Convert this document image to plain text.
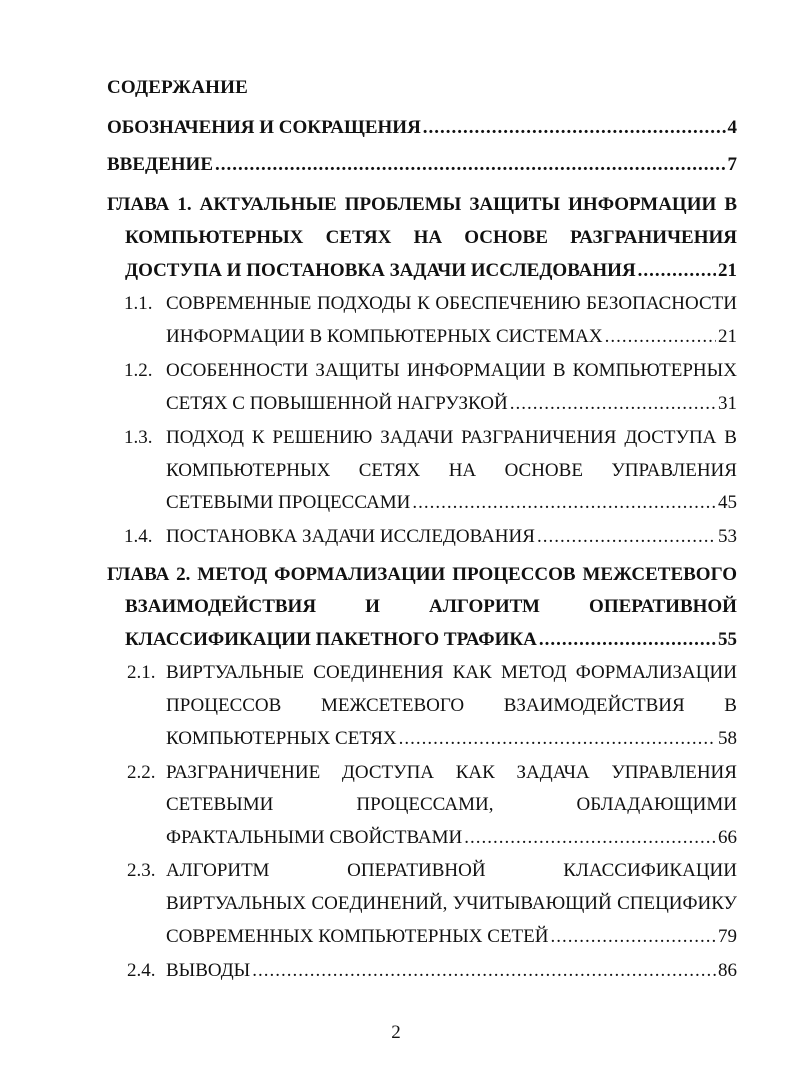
СОДЕРЖАНИЕ
ОБОЗНАЧЕНИЯ И СОКРАЩЕНИЯ .....	4
ВВЕДЕНИЕ .....	7
ГЛАВА 1. АКТУАЛЬНЫЕ ПРОБЛЕМЫ ЗАЩИТЫ ИНФОРМАЦИИ В
КОМПЬЮТЕРНЫХ СЕТЯХ НА ОСНОВЕ РАЗГРАНИЧЕНИЯ
ДОСТУПА И ПОСТАНОВКА ЗАДАЧИ ИССЛЕДОВАНИЯ .....	21
1.1. СОВРЕМЕННЫЕ ПОДХОДЫ К ОБЕСПЕЧЕНИЮ БЕЗОПАСНОСТИ
ИНФОРМАЦИИ В КОМПЬЮТЕРНЫХ СИСТЕМАХ .....	21
1.2. ОСОБЕННОСТИ ЗАЩИТЫ ИНФОРМАЦИИ В КОМПЬЮТЕРНЫХ
СЕТЯХ С ПОВЫШЕННОЙ НАГРУЗКОЙ .....	31
1.3. ПОДХОД К РЕШЕНИЮ ЗАДАЧИ РАЗГРАНИЧЕНИЯ ДОСТУПА В
КОМПЬЮТЕРНЫХ СЕТЯХ НА ОСНОВЕ УПРАВЛЕНИЯ
СЕТЕВЫМИ ПРОЦЕССАМИ .....	45
1.4. ПОСТАНОВКА ЗАДАЧИ ИССЛЕДОВАНИЯ .....	53
ГЛАВА 2. МЕТОД ФОРМАЛИЗАЦИИ ПРОЦЕССОВ МЕЖСЕТЕВОГО
ВЗАИМОДЕЙСТВИЯ	И	АЛГОРИТМ	ОПЕРАТИВНОЙ
КЛАССИФИКАЦИИ ПАКЕТНОГО ТРАФИКА .....	55
2.1. ВИРТУАЛЬНЫЕ СОЕДИНЕНИЯ КАК МЕТОД ФОРМАЛИЗАЦИИ
ПРОЦЕССОВ МЕЖСЕТЕВОГО ВЗАИМОДЕЙСТВИЯ В
КОМПЬЮТЕРНЫХ СЕТЯХ .....	58
2.2. РАЗГРАНИЧЕНИЕ ДОСТУПА КАК ЗАДАЧА УПРАВЛЕНИЯ
СЕТЕВЫМИ	ПРОЦЕССАМИ,	ОБЛАДАЮЩИМИ
ФРАКТАЛЬНЫМИ СВОЙСТВАМИ .....	66
2.3. АЛГОРИТМ	ОПЕРАТИВНОЙ	КЛАССИФИКАЦИИ
ВИРТУАЛЬНЫХ СОЕДИНЕНИЙ, УЧИТЫВАЮЩИЙ СПЕЦИФИКУ
СОВРЕМЕННЫХ КОМПЬЮТЕРНЫХ СЕТЕЙ .....	79
2.4. ВЫВОДЫ .....	86
2
